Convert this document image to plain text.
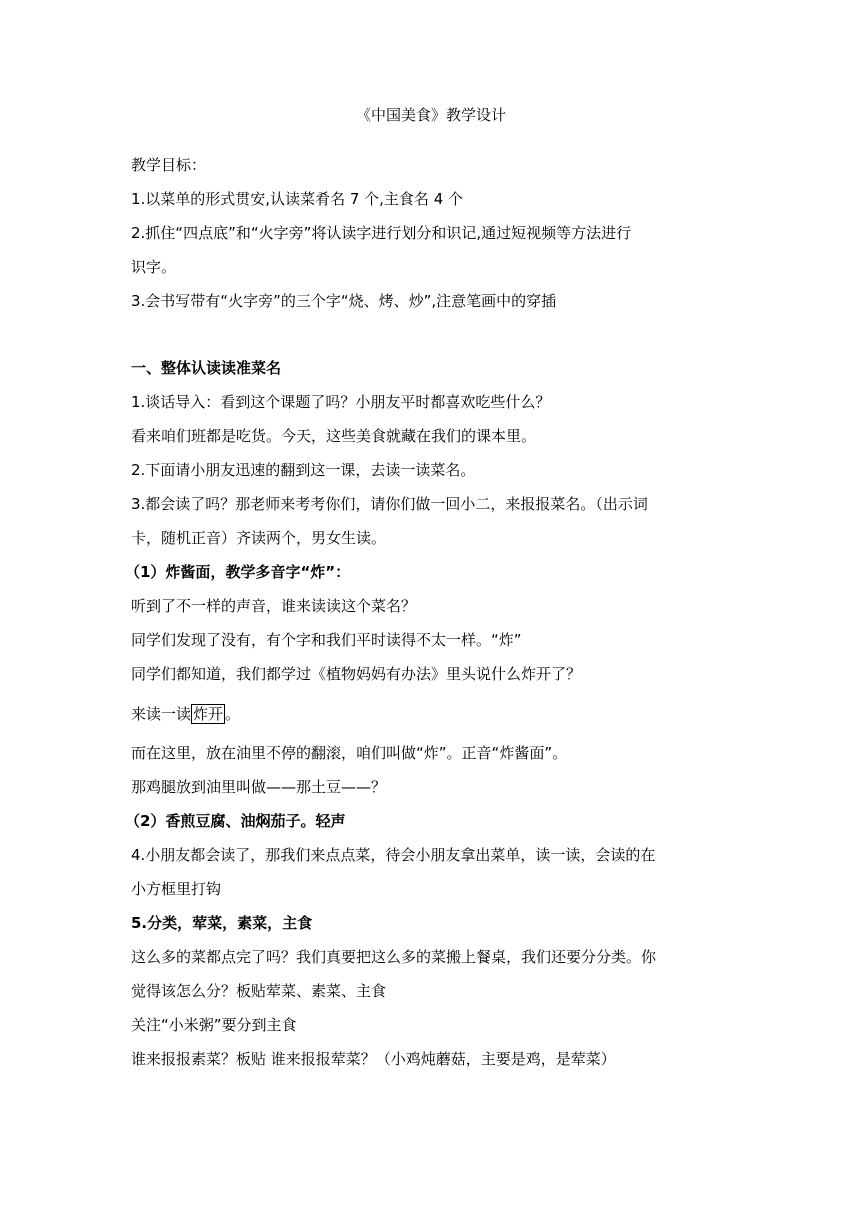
《中国美食》教学设计
教学目标：
1.以菜单的形式贯安,认读菜肴名 7 个,主食名 4 个
2.抓住“四点底”和“火字旁”将认读字进行划分和识记,通过短视频等方法进行
识字。
3.会书写带有“火字旁”的三个字“烧、烤、炒”,注意笔画中的穿插
一、整体认读读准菜名
1.谈话导入：看到这个课题了吗？小朋友平时都喜欢吃些什么？
看来咱们班都是吃货。今天，这些美食就藏在我们的课本里。
2.下面请小朋友迅速的翻到这一课，去读一读菜名。
3.都会读了吗？那老师来考考你们，请你们做一回小二，来报报菜名。（出示词
卡，随机正音）齐读两个，男女生读。
（1）炸酱面，教学多音字“炸”：
听到了不一样的声音，谁来读读这个菜名？
同学们发现了没有，有个字和我们平时读得不太一样。“炸”
同学们都知道，我们都学过《植物妈妈有办法》里头说什么炸开了？
来读一读 炸开 。
而在这里，放在油里不停的翻滚，咱们叫做“炸”。正音“炸酱面”。
那鸡腿放到油里叫做——那土豆——？
（2）香煎豆腐、油焖茄子。轻声
4.小朋友都会读了，那我们来点点菜，待会小朋友拿出菜单，读一读，会读的在
小方框里打钩
5.分类，荤菜，素菜，主食
这么多的菜都点完了吗？我们真要把这么多的菜搬上餐桌，我们还要分分类。你
觉得该怎么分？板贴荤菜、素菜、主食
关注“小米粥”要分到主食
谁来报报素菜？板贴 谁来报报荤菜？（小鸡炖蘑菇，主要是鸡，是荤菜）
